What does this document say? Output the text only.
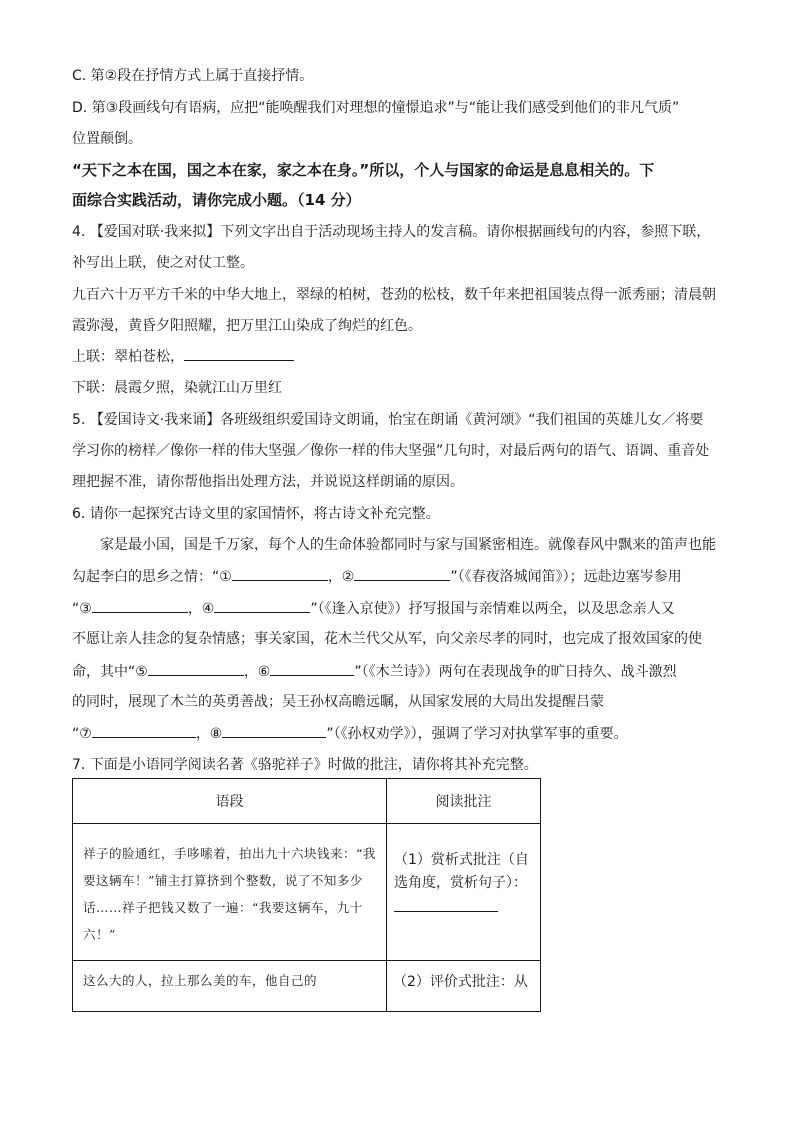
C. 第②段在抒情方式上属于直接抒情。
D. 第③段画线句有语病，应把“能唤醒我们对理想的憧憬追求”与“能让我们感受到他们的非凡气质”
位置颠倒。
“天下之本在国，国之本在家，家之本在身。”所以，个人与国家的命运是息息相关的。下
面综合实践活动，请你完成小题。（14 分）
4. 【爱国对联·我来拟】下列文字出自于活动现场主持人的发言稿。请你根据画线句的内容，参照下联，
补写出上联，使之对仗工整。
九百六十万平方千米的中华大地上，翠绿的柏树，苍劲的松枝，数千年来把祖国装点得一派秀丽；清晨朝
霞弥漫，黄昏夕阳照耀，把万里江山染成了绚烂的红色。
上联：翠柏苍松，
下联：晨霞夕照，染就江山万里红
5. 【爱国诗文·我来诵】各班级组织爱国诗文朗诵，怡宝在朗诵《黄河颂》“我们祖国的英雄儿女／将要
学习你的榜样／像你一样的伟大坚强／像你一样的伟大坚强”几句时，对最后两句的语气、语调、重音处
理把握不准，请你帮他指出处理方法，并说说这样朗诵的原因。
6. 请你一起探究古诗文里的家国情怀，将古诗文补充完整。
家是最小国，国是千万家，每个人的生命体验都同时与家与国紧密相连。就像春风中飘来的笛声也能
勾起李白的思乡之情：“①	，②	”（《春夜洛城闻笛》）；远赴边塞岑参用
“③	，④	”（《逢入京使》）抒写报国与亲情难以两全，以及思念亲人又
不愿让亲人挂念的复杂情感；事关家国，花木兰代父从军，向父亲尽孝的同时，也完成了报效国家的使
命，其中“⑤	，⑥	”（《木兰诗》）两句在表现战争的旷日持久、战斗激烈
的同时，展现了木兰的英勇善战；吴王孙权高瞻远瞩，从国家发展的大局出发提醒吕蒙
“⑦	，⑧	”（《孙权劝学》），强调了学习对执掌军事的重要。
7. 下面是小语同学阅读名著《骆驼祥子》时做的批注，请你将其补充完整。
语段	阅读批注
祥子的脸通红，手哆嗦着，拍出九十六块钱来：“我要这辆车！”铺主打算挤到个整数，说了不知多少话……祥子把钱又数了一遍：“我要这辆车，九十六！”	（1）赏析式批注（自选角度，赏析句子）：

这么大的人，拉上那么美的车，他自己的	（2）评价式批注：从
